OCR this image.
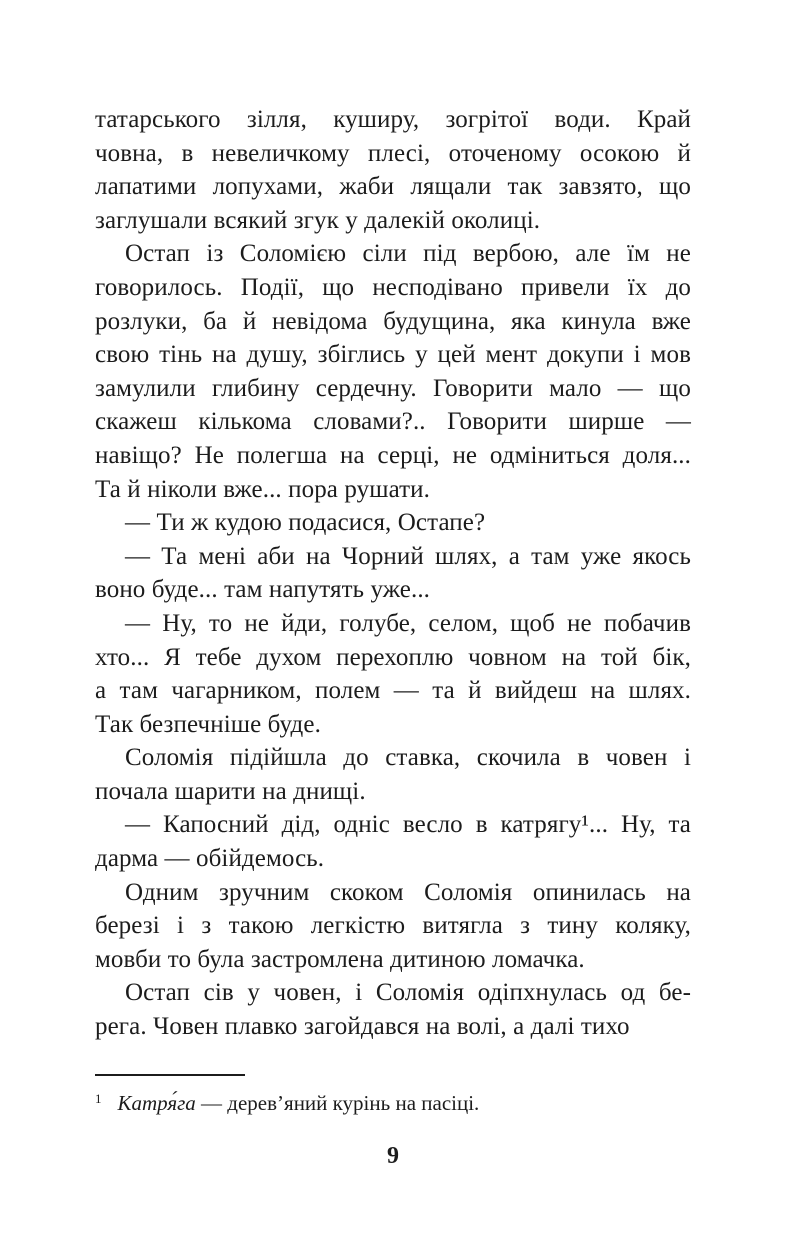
татарського зілля, куширу, зогрітої води. Край
човна, в невеличкому плесі, оточеному осокою й
лапатими лопухами, жаби лящали так завзято, що
заглушали всякий згук у далекій околиці.
Остап із Соломією сіли під вербою, але їм не
говорилось. Події, що несподівано привели їх до
розлуки, ба й невідома будущина, яка кинула вже
свою тінь на душу, збіглись у цей мент докупи і мов
замулили глибину сердечну. Говорити мало — що
скажеш кількома словами?.. Говорити ширше —
навіщо? Не полегша на серці, не одміниться доля...
Та й ніколи вже... пора рушати.
— Ти ж кудою подасися, Остапе?
— Та мені аби на Чорний шлях, а там уже якось
воно буде... там напутять уже...
— Ну, то не йди, голубе, селом, щоб не побачив
хто... Я тебе духом перехоплю човном на той бік,
а там чагарником, полем — та й вийдеш на шлях.
Так безпечніше буде.
Соломія підійшла до ставка, скочила в човен і
почала шарити на днищі.
— Капосний дід, одніс весло в катрягу¹... Ну, та
дарма — обійдемось.
Одним зручним скоком Соломія опинилась на
березі і з такою легкістю витягла з тину коляку,
мовби то була застромлена дитиною ломачка.
Остап сів у човен, і Соломія одіпхнулась од бе-
рега. Човен плавко загойдався на волі, а далі тихо
$^1$ Катря́га — дерев’яний курінь на пасіці.
9
